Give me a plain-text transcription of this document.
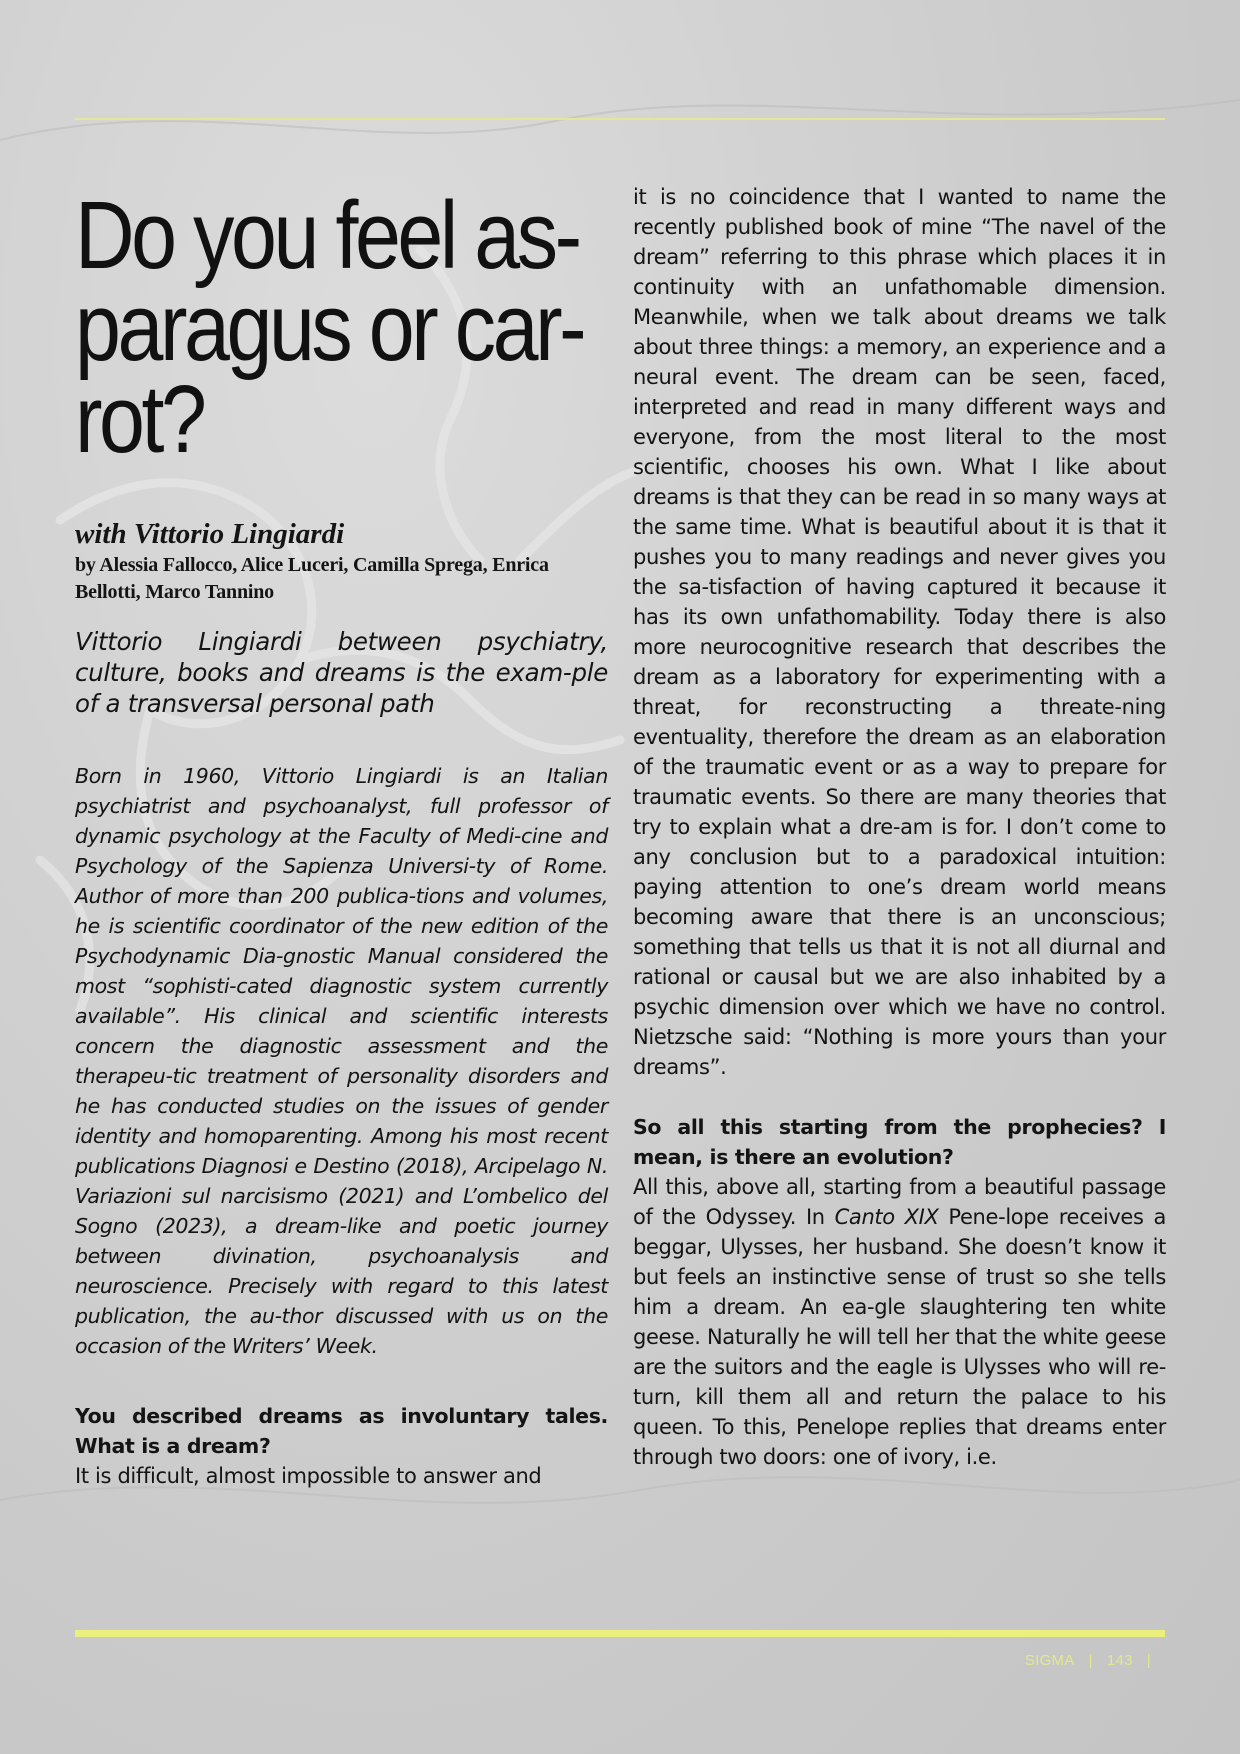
Do you feel as-paragus or car-rot?
with Vittorio Lingiardi
by Alessia Fallocco, Alice Luceri, Camilla Sprega, Enrica Bellotti, Marco Tannino

Vittorio Lingiardi between psychiatry, culture, books and dreams is the exam-ple of a transversal personal path

Born in 1960, Vittorio Lingiardi is an Italian psychiatrist and psychoanalyst, full professor of dynamic psychology at the Faculty of Medi-cine and Psychology of the Sapienza Universi-ty of Rome. Author of more than 200 publica-tions and volumes, he is scientific coordinator of the new edition of the Psychodynamic Dia-gnostic Manual considered the most “sophisti-cated diagnostic system currently available”. His clinical and scientific interests concern the diagnostic assessment and the therapeu-tic treatment of personality disorders and he has conducted studies on the issues of gender identity and homoparenting. Among his most recent publications Diagnosi e Destino (2018), Arcipelago N. Variazioni sul narcisismo (2021) and L’ombelico del Sogno (2023), a dream-like and poetic journey between divination, psychoanalysis and neuroscience. Precisely with regard to this latest publication, the au-thor discussed with us on the occasion of the Writers’ Week.

You described dreams as involuntary tales. What is a dream?

It is difficult, almost impossible to answer and

it is no coincidence that I wanted to name the recently published book of mine “The navel of the dream” referring to this phrase which places it in continuity with an unfathomable dimension. Meanwhile, when we talk about dreams we talk about three things: a memory, an experience and a neural event. The dream can be seen, faced, interpreted and read in many different ways and everyone, from the most literal to the most scientific, chooses his own. What I like about dreams is that they can be read in so many ways at the same time. What is beautiful about it is that it pushes you to many readings and never gives you the sa-tisfaction of having captured it because it has its own unfathomability. Today there is also more neurocognitive research that describes the dream as a laboratory for experimenting with a threat, for reconstructing a threate-ning eventuality, therefore the dream as an elaboration of the traumatic event or as a way to prepare for traumatic events. So there are many theories that try to explain what a dre-am is for. I don’t come to any conclusion but to a paradoxical intuition: paying attention to one’s dream world means becoming aware that there is an unconscious; something that tells us that it is not all diurnal and rational or causal but we are also inhabited by a psychic dimension over which we have no control. Nietzsche said: “Nothing is more yours than your dreams”.

So all this starting from the prophecies? I mean, is there an evolution?

All this, above all, starting from a beautiful passage of the Odyssey. In Canto XIX Pene-lope receives a beggar, Ulysses, her husband. She doesn’t know it but feels an instinctive sense of trust so she tells him a dream. An ea-gle slaughtering ten white geese. Naturally he will tell her that the white geese are the suitors and the eagle is Ulysses who will re-turn, kill them all and return the palace to his queen. To this, Penelope replies that dreams enter through two doors: one of ivory, i.e.

SIGMA | 143 |
